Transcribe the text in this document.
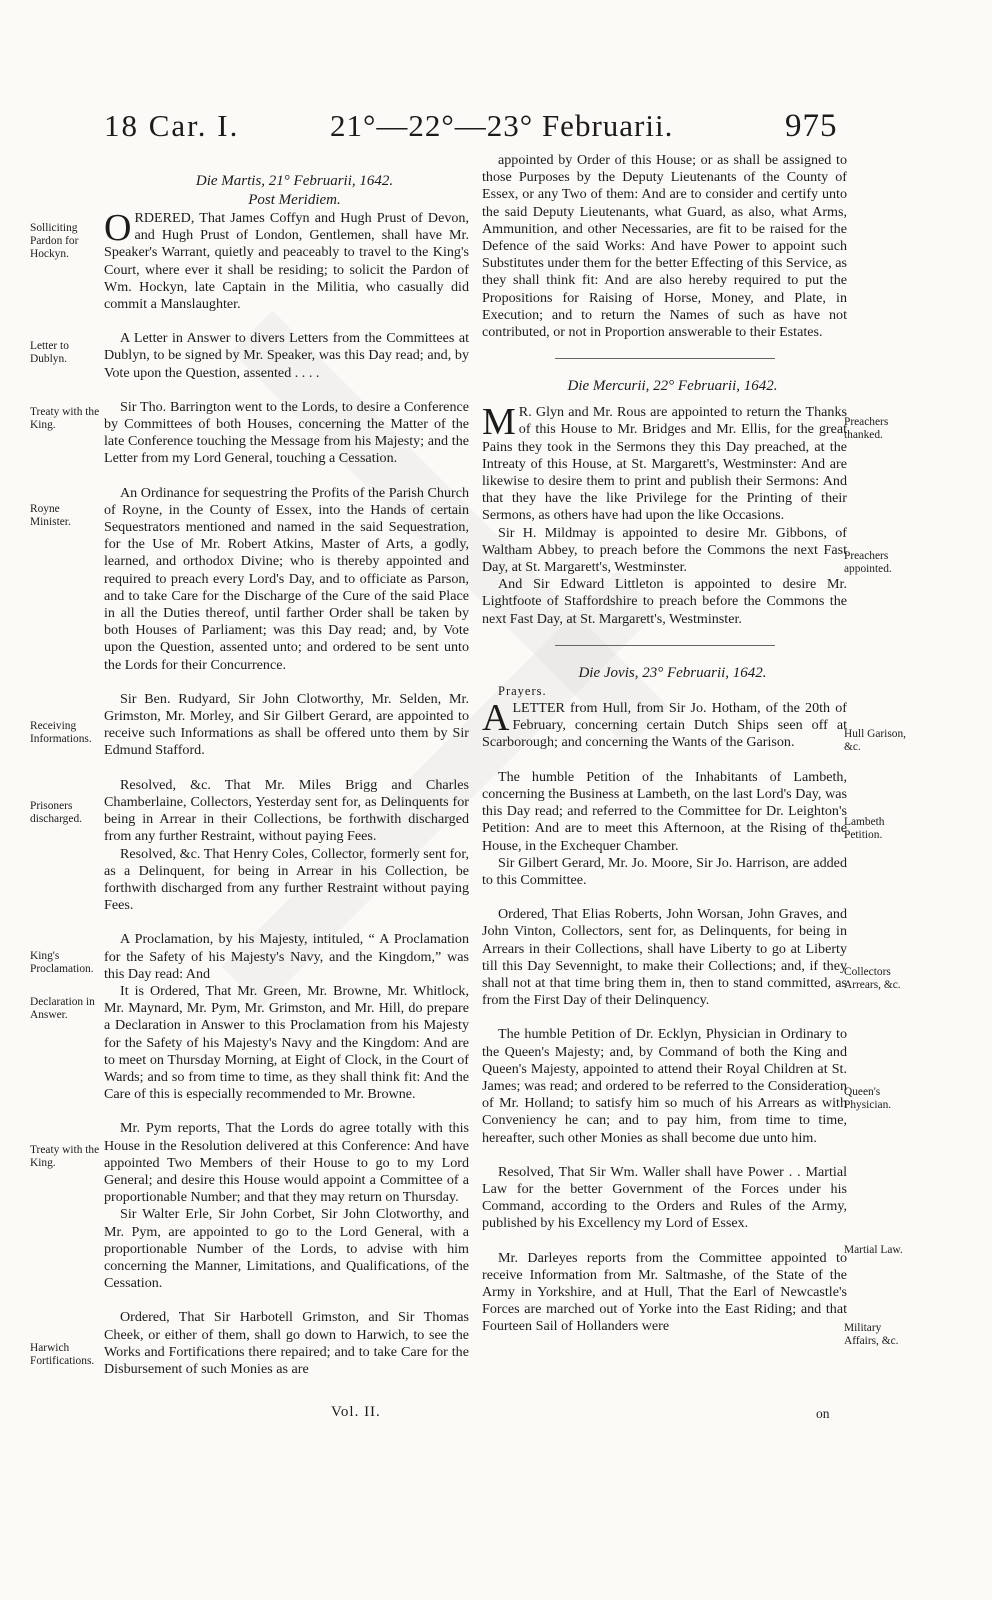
18 Car. I.	21°—22°—23° Februarii.	975

Die Martis, 21° Februarii, 1642.

Post Meridiem.

ORDERED, That James Coffyn and Hugh Prust of Devon, and Hugh Prust of London, Gentlemen, shall have Mr. Speaker's Warrant, quietly and peaceably to travel to the King's Court, where ever it shall be residing; to solicit the Pardon of Wm. Hockyn, late Captain in the Militia, who casually did commit a Manslaughter.

A Letter in Answer to divers Letters from the Committees at Dublyn, to be signed by Mr. Speaker, was this Day read; and, by Vote upon the Question, assented . . . .

Sir Tho. Barrington went to the Lords, to desire a Conference by Committees of both Houses, concerning the Matter of the late Conference touching the Message from his Majesty; and the Letter from my Lord General, touching a Cessation.

An Ordinance for sequestring the Profits of the Parish Church of Royne, in the County of Essex, into the Hands of certain Sequestrators mentioned and named in the said Sequestration, for the Use of Mr. Robert Atkins, Master of Arts, a godly, learned, and orthodox Divine; who is thereby appointed and required to preach every Lord's Day, and to officiate as Parson, and to take Care for the Discharge of the Cure of the said Place in all the Duties thereof, until farther Order shall be taken by both Houses of Parliament; was this Day read; and, by Vote upon the Question, assented unto; and ordered to be sent unto the Lords for their Concurrence.

Sir Ben. Rudyard, Sir John Clotworthy, Mr. Selden, Mr. Grimston, Mr. Morley, and Sir Gilbert Gerard, are appointed to receive such Informations as shall be offered unto them by Sir Edmund Stafford.

Resolved, &c. That Mr. Miles Brigg and Charles Chamberlaine, Collectors, Yesterday sent for, as Delinquents for being in Arrear in their Collections, be forthwith discharged from any further Restraint, without paying Fees.

Resolved, &c. That Henry Coles, Collector, formerly sent for, as a Delinquent, for being in Arrear in his Collection, be forthwith discharged from any further Restraint without paying Fees.

A Proclamation, by his Majesty, intituled, “ A Proclamation for the Safety of his Majesty's Navy, and the Kingdom,” was this Day read: And

It is Ordered, That Mr. Green, Mr. Browne, Mr. Whitlock, Mr. Maynard, Mr. Pym, Mr. Grimston, and Mr. Hill, do prepare a Declaration in Answer to this Proclamation from his Majesty for the Safety of his Majesty's Navy and the Kingdom: And are to meet on Thursday Morning, at Eight of Clock, in the Court of Wards; and so from time to time, as they shall think fit: And the Care of this is especially recommended to Mr. Browne.

Mr. Pym reports, That the Lords do agree totally with this House in the Resolution delivered at this Conference: And have appointed Two Members of their House to go to my Lord General; and desire this House would appoint a Committee of a proportionable Number; and that they may return on Thursday.

Sir Walter Erle, Sir John Corbet, Sir John Clotworthy, and Mr. Pym, are appointed to go to the Lord General, with a proportionable Number of the Lords, to advise with him concerning the Manner, Limitations, and Qualifications, of the Cessation.

Ordered, That Sir Harbotell Grimston, and Sir Thomas Cheek, or either of them, shall go down to Harwich, to see the Works and Fortifications there repaired; and to take Care for the Disbursement of such Monies as are

appointed by Order of this House; or as shall be assigned to those Purposes by the Deputy Lieutenants of the County of Essex, or any Two of them: And are to consider and certify unto the said Deputy Lieutenants, what Guard, as also, what Arms, Ammunition, and other Necessaries, are fit to be raised for the Defence of the said Works: And have Power to appoint such Substitutes under them for the better Effecting of this Service, as they shall think fit: And are also hereby required to put the Propositions for Raising of Horse, Money, and Plate, in Execution; and to return the Names of such as have not contributed, or not in Proportion answerable to their Estates.

Die Mercurii, 22° Februarii, 1642.

M R. Glyn and Mr. Rous are appointed to return the Thanks of this House to Mr. Bridges and Mr. Ellis, for the great Pains they took in the Sermons they this Day preached, at the Intreaty of this House, at St. Margarett's, Westminster: And are likewise to desire them to print and publish their Sermons: And that they have the like Privilege for the Printing of their Sermons, as others have had upon the like Occasions.

Sir H. Mildmay is appointed to desire Mr. Gibbons, of Waltham Abbey, to preach before the Commons the next Fast Day, at St. Margarett's, Westminster.

And Sir Edward Littleton is appointed to desire Mr. Lightfoote of Staffordshire to preach before the Commons the next Fast Day, at St. Margarett's, Westminster.

Die Jovis, 23° Februarii, 1642.

Prayers.

ALETTER from Hull, from Sir Jo. Hotham, of the 20th of February, concerning certain Dutch Ships seen off at Scarborough; and concerning the Wants of the Garison.

The humble Petition of the Inhabitants of Lambeth, concerning the Business at Lambeth, on the last Lord's Day, was this Day read; and referred to the Committee for Dr. Leighton's Petition: And are to meet this Afternoon, at the Rising of the House, in the Exchequer Chamber.

Sir Gilbert Gerard, Mr. Jo. Moore, Sir Jo. Harrison, are added to this Committee.

Ordered, That Elias Roberts, John Worsan, John Graves, and John Vinton, Collectors, sent for, as Delinquents, for being in Arrears in their Collections, shall have Liberty to go at Liberty till this Day Sevennight, to make their Collections; and, if they shall not at that time bring them in, then to stand committed, as from the First Day of their Delinquency.

The humble Petition of Dr. Ecklyn, Physician in Ordinary to the Queen's Majesty; and, by Command of both the King and Queen's Majesty, appointed to attend their Royal Children at St. James; was read; and ordered to be referred to the Consideration of Mr. Holland; to satisfy him so much of his Arrears as with Conveniency he can; and to pay him, from time to time, hereafter, such other Monies as shall become due unto him.

Resolved, That Sir Wm. Waller shall have Power . . Martial Law for the better Government of the Forces under his Command, according to the Orders and Rules of the Army, published by his Excellency my Lord of Essex.

Mr. Darleyes reports from the Committee appointed to receive Information from Mr. Saltmashe, of the State of the Army in Yorkshire, and at Hull, That the Earl of Newcastle's Forces are marched out of Yorke into the East Riding; and that Fourteen Sail of Hollanders were

Solliciting Pardon for Hockyn.
Letter to Dublyn.
Treaty with the King.
Royne Minister.
Receiving Informations.
Prisoners discharged.
King's Proclamation.
Declaration in Answer.
Treaty with the King.
Harwich Fortifications.
Preachers thanked.
Preachers appointed.
Hull Garison, &c.
Lambeth Petition.
Collectors Arrears, &c.
Queen's Physician.
Martial Law.
Military Affairs, &c.
Vol. II.	on
